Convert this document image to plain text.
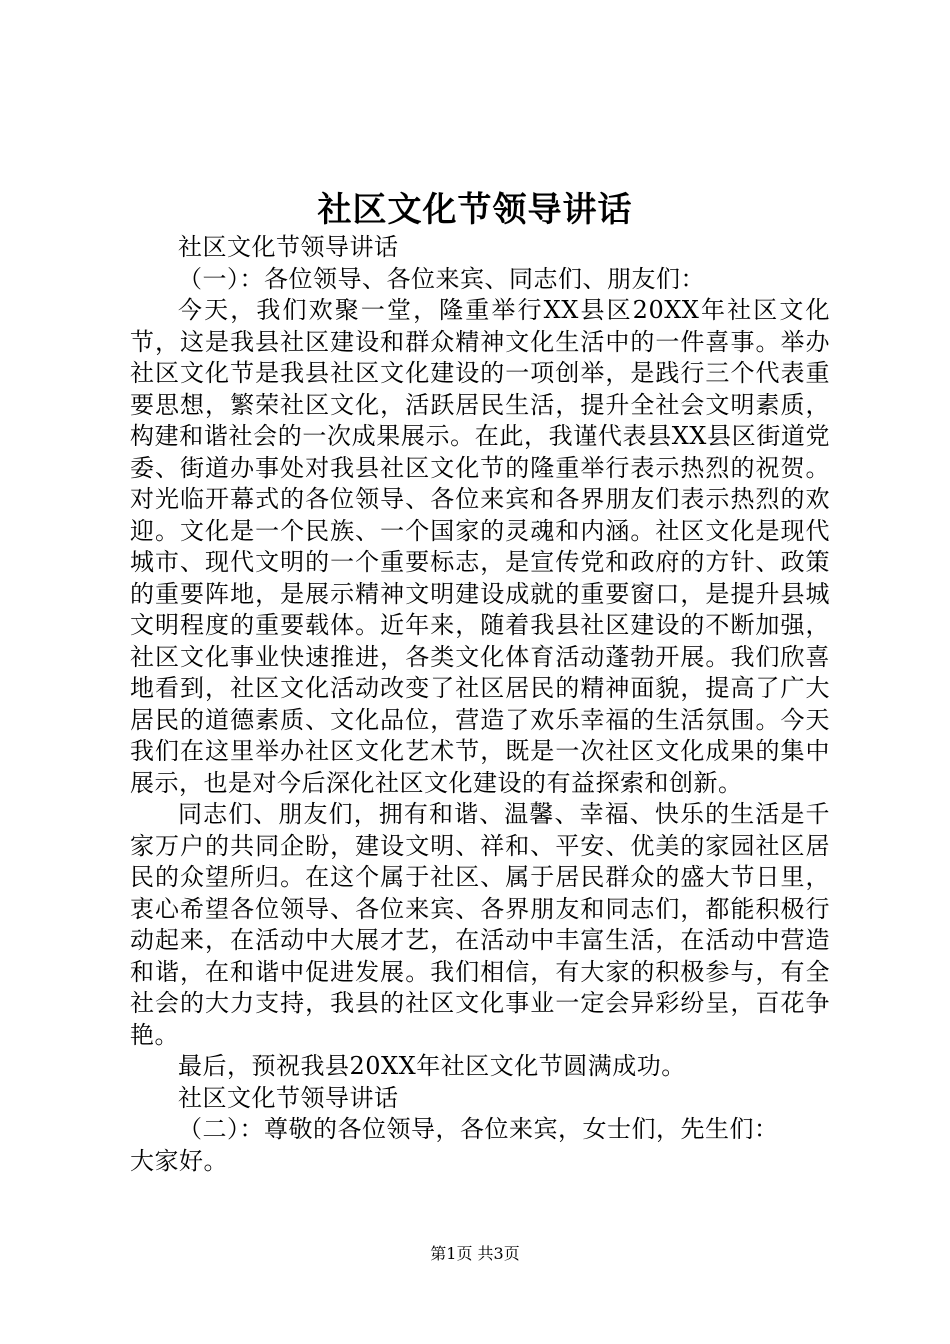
社区文化节领导讲话

社区文化节领导讲话

（一）：各位领导、各位来宾、同志们、朋友们：

今天，我们欢聚一堂，隆重举行XX县区20XX年社区文化节，这是我县社区建设和群众精神文化生活中的一件喜事。举办社区文化节是我县社区文化建设的一项创举，是践行三个代表重要思想，繁荣社区文化，活跃居民生活，提升全社会文明素质，构建和谐社会的一次成果展示。在此，我谨代表县XX县区街道党委、街道办事处对我县社区文化节的隆重举行表示热烈的祝贺。对光临开幕式的各位领导、各位来宾和各界朋友们表示热烈的欢迎。文化是一个民族、一个国家的灵魂和内涵。社区文化是现代城市、现代文明的一个重要标志，是宣传党和政府的方针、政策的重要阵地，是展示精神文明建设成就的重要窗口，是提升县城文明程度的重要载体。近年来，随着我县社区建设的不断加强，社区文化事业快速推进，各类文化体育活动蓬勃开展。我们欣喜地看到，社区文化活动改变了社区居民的精神面貌，提高了广大居民的道德素质、文化品位，营造了欢乐幸福的生活氛围。今天我们在这里举办社区文化艺术节，既是一次社区文化成果的集中展示，也是对今后深化社区文化建设的有益探索和创新。

同志们、朋友们，拥有和谐、温馨、幸福、快乐的生活是千家万户的共同企盼，建设文明、祥和、平安、优美的家园社区居民的众望所归。在这个属于社区、属于居民群众的盛大节日里，衷心希望各位领导、各位来宾、各界朋友和同志们，都能积极行动起来，在活动中大展才艺，在活动中丰富生活，在活动中营造和谐，在和谐中促进发展。我们相信，有大家的积极参与，有全社会的大力支持，我县的社区文化事业一定会异彩纷呈，百花争艳。

最后，预祝我县20XX年社区文化节圆满成功。

社区文化节领导讲话

（二）：尊敬的各位领导，各位来宾，女士们，先生们：

大家好。

第1页 共3页
